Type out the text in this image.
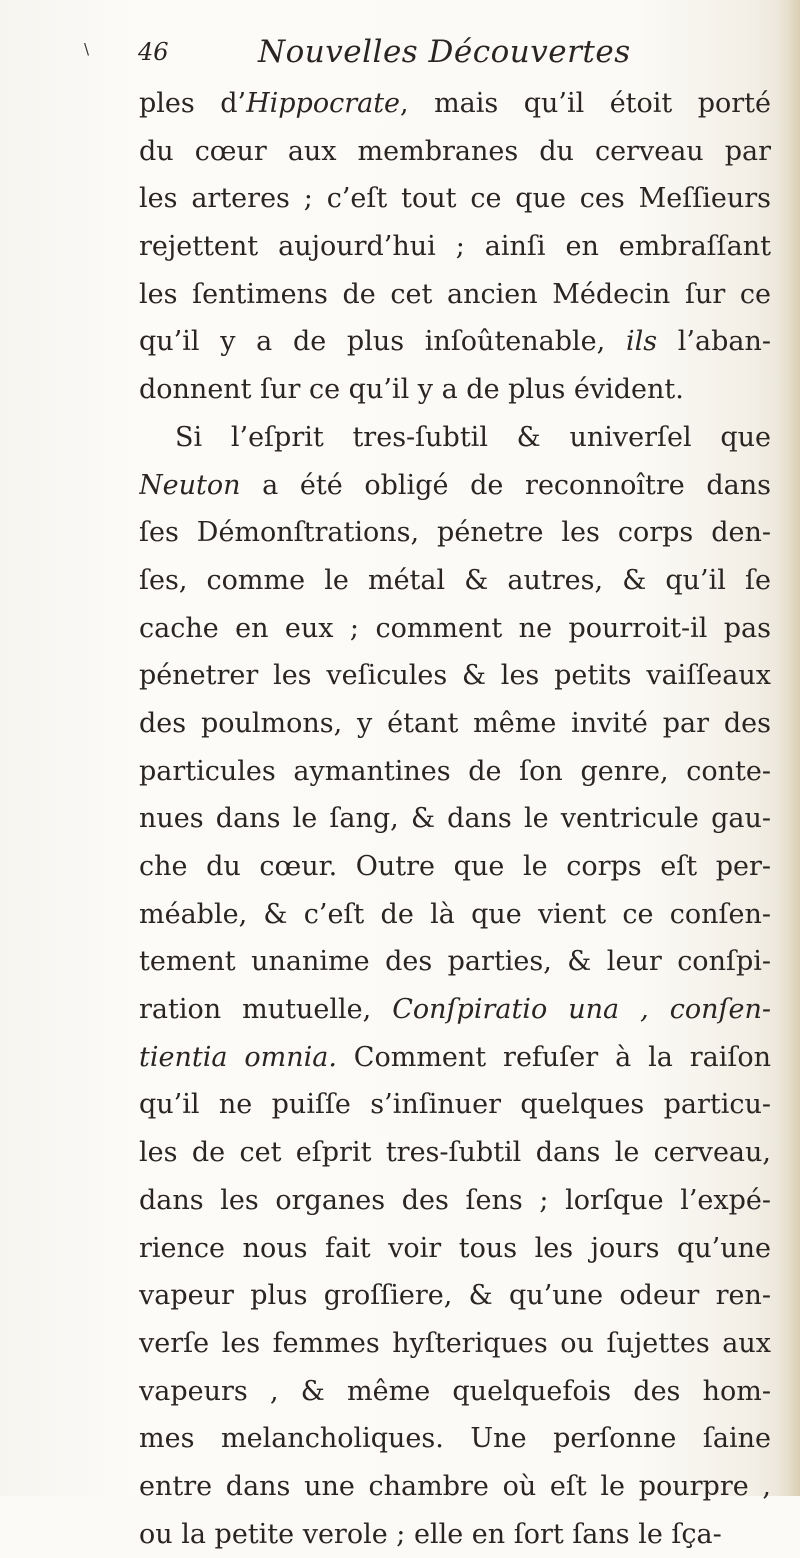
\ 46	Nouvelles Découvertes
ples d’Hippocrate, mais qu’il étoit porté
du cœur aux membranes du cerveau par
les arteres ; c’eſt tout ce que ces Meſſieurs
rejettent aujourd’hui ; ainſi en embraſſant
les ſentimens de cet ancien Médecin ſur ce
qu’il y a de plus inſoûtenable, ils l’aban-
donnent ſur ce qu’il y a de plus évident.
Si l’eſprit tres-ſubtil & univerſel que
Neuton a été obligé de reconnoître dans
ſes Démonſtrations, pénetre les corps den-
ſes, comme le métal & autres, & qu’il ſe
cache en eux ; comment ne pourroit-il pas
pénetrer les veſicules & les petits vaiſſeaux
des poulmons, y étant même invité par des
particules aymantines de ſon genre, conte-
nues dans le ſang, & dans le ventricule gau-
che du cœur. Outre que le corps eſt per-
méable, & c’eſt de là que vient ce conſen-
tement unanime des parties, & leur conſpi-
ration mutuelle, Conſpiratio una , conſen-
tientia omnia. Comment refuſer à la raiſon
qu’il ne puiſſe s’inſinuer quelques particu-
les de cet eſprit tres-ſubtil dans le cerveau,
dans les organes des ſens ; lorſque l’expé-
rience nous fait voir tous les jours qu’une
vapeur plus groſſiere, & qu’une odeur ren-
verſe les femmes hyſteriques ou ſujettes aux
vapeurs , & même quelquefois des hom-
mes melancholiques. Une perſonne ſaine
entre dans une chambre où eſt le pourpre ,
ou la petite verole ; elle en ſort ſans le ſça-
